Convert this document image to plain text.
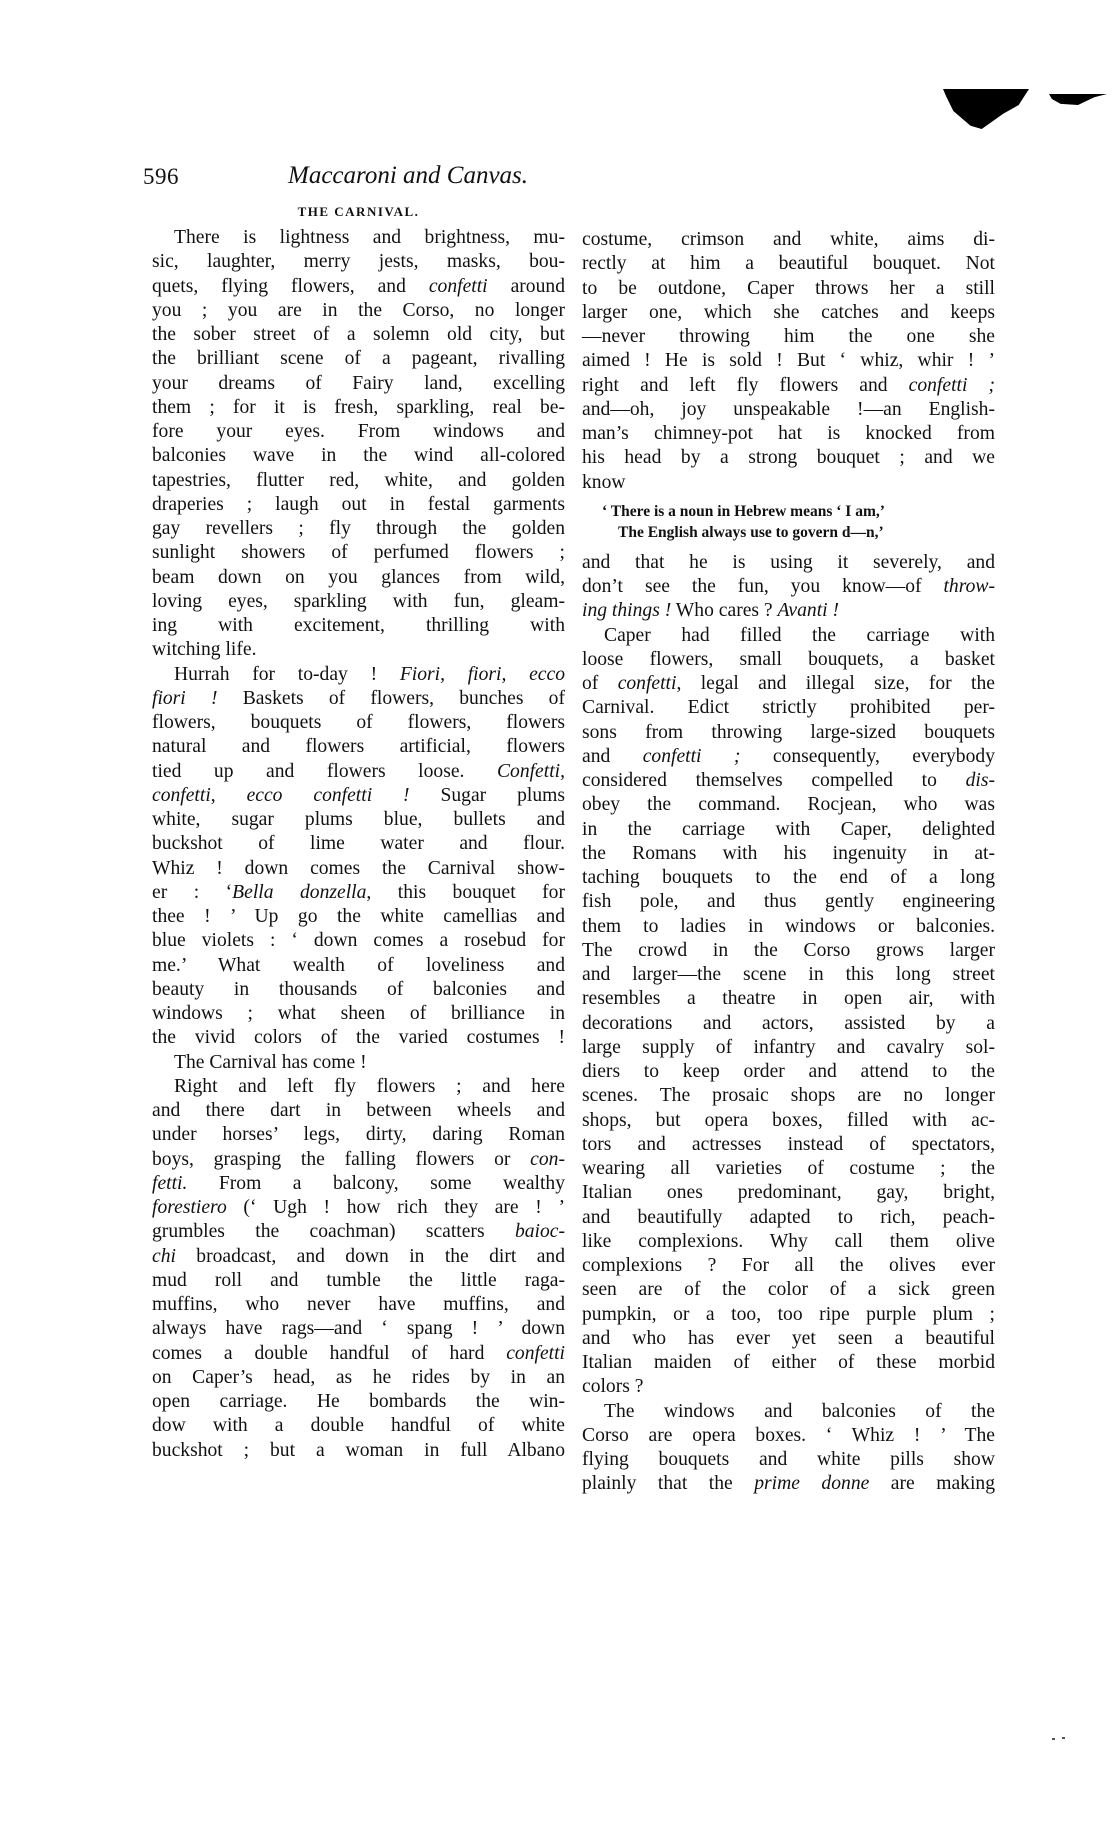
596	Maccaroni and Canvas.
THE CARNIVAL.
There is lightness and brightness, mu-
sic, laughter, merry jests, masks, bou-
quets, flying flowers, and confetti around
you ; you are in the Corso, no longer
the sober street of a solemn old city, but
the brilliant scene of a pageant, rivalling
your dreams of Fairy land, excelling
them ; for it is fresh, sparkling, real be-
fore your eyes. From windows and
balconies wave in the wind all-colored
tapestries, flutter red, white, and golden
draperies ; laugh out in festal garments
gay revellers ; fly through the golden
sunlight showers of perfumed flowers ;
beam down on you glances from wild,
loving eyes, sparkling with fun, gleam-
ing with excitement, thrilling with
witching life.
Hurrah for to-day ! Fiori, fiori, ecco
fiori ! Baskets of flowers, bunches of
flowers, bouquets of flowers, flowers
natural and flowers artificial, flowers
tied up and flowers loose. Confetti,
confetti, ecco confetti ! Sugar plums
white, sugar plums blue, bullets and
buckshot of lime water and flour.
Whiz ! down comes the Carnival show-
er : ‘Bella donzella, this bouquet for
thee ! ’ Up go the white camellias and
blue violets : ‘ down comes a rosebud for
me.’ What wealth of loveliness and
beauty in thousands of balconies and
windows ; what sheen of brilliance in
the vivid colors of the varied costumes !
The Carnival has come !
Right and left fly flowers ; and here
and there dart in between wheels and
under horses’ legs, dirty, daring Roman
boys, grasping the falling flowers or con-
fetti. From a balcony, some wealthy
forestiero (‘ Ugh ! how rich they are ! ’
grumbles the coachman) scatters baioc-
chi broadcast, and down in the dirt and
mud roll and tumble the little raga-
muffins, who never have muffins, and
always have rags—and ‘ spang ! ’ down
comes a double handful of hard confetti
on Caper’s head, as he rides by in an
open carriage. He bombards the win-
dow with a double handful of white
buckshot ; but a woman in full Albano
costume, crimson and white, aims di-
rectly at him a beautiful bouquet. Not
to be outdone, Caper throws her a still
larger one, which she catches and keeps
—never throwing him the one she
aimed ! He is sold ! But ‘ whiz, whir ! ’
right and left fly flowers and confetti ;
and—oh, joy unspeakable !—an English-
man’s chimney-pot hat is knocked from
his head by a strong bouquet ; and we
know
‘ There is a noun in Hebrew means ‘ I am,’
The English always use to govern d—n,’
and that he is using it severely, and
don’t see the fun, you know—of throw-
ing things ! Who cares ? Avanti !
Caper had filled the carriage with
loose flowers, small bouquets, a basket
of confetti, legal and illegal size, for the
Carnival. Edict strictly prohibited per-
sons from throwing large-sized bouquets
and confetti ; consequently, everybody
considered themselves compelled to dis-
obey the command. Rocjean, who was
in the carriage with Caper, delighted
the Romans with his ingenuity in at-
taching bouquets to the end of a long
fish pole, and thus gently engineering
them to ladies in windows or balconies.
The crowd in the Corso grows larger
and larger—the scene in this long street
resembles a theatre in open air, with
decorations and actors, assisted by a
large supply of infantry and cavalry sol-
diers to keep order and attend to the
scenes. The prosaic shops are no longer
shops, but opera boxes, filled with ac-
tors and actresses instead of spectators,
wearing all varieties of costume ; the
Italian ones predominant, gay, bright,
and beautifully adapted to rich, peach-
like complexions. Why call them olive
complexions ? For all the olives ever
seen are of the color of a sick green
pumpkin, or a too, too ripe purple plum ;
and who has ever yet seen a beautiful
Italian maiden of either of these morbid
colors ?
The windows and balconies of the
Corso are opera boxes. ‘ Whiz ! ’ The
flying bouquets and white pills show
plainly that the prime donne are making
